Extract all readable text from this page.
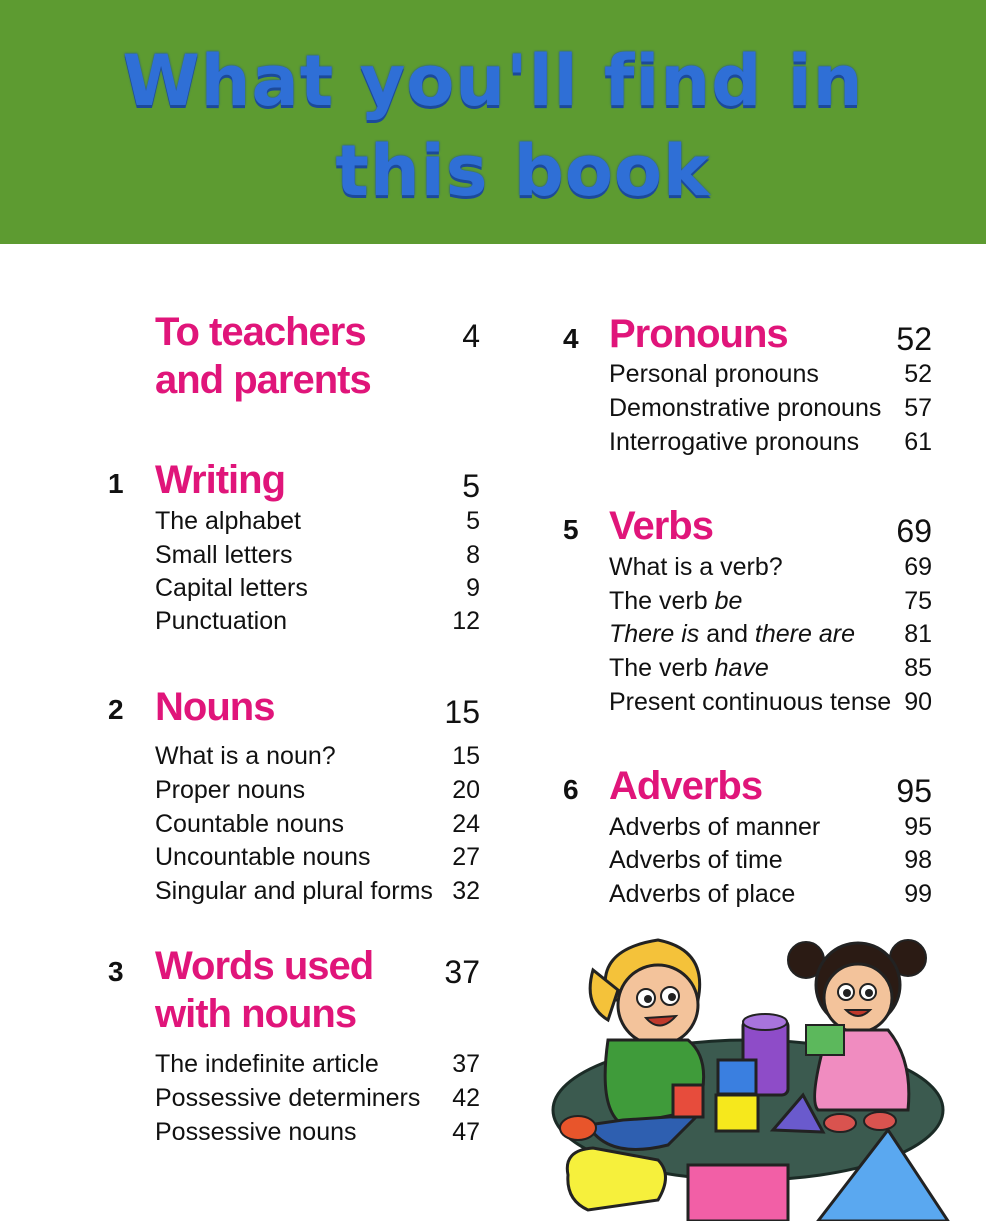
What you'll find in
this book
To teachers
and parents
4
1 Writing	5
The alphabet	5
Small letters	8
Capital letters	9
Punctuation	12
2 Nouns	15
What is a noun?	15
Proper nouns	20
Countable nouns	24
Uncountable nouns	27
Singular and plural forms 32
3 Words used
with nouns
37
The indefinite article	37
Possessive determiners	42
Possessive nouns	47
4 Pronouns	52
Personal pronouns	52
Demonstrative pronouns 57
Interrogative pronouns	61
5 Verbs	69
What is a verb?	69
The verb be	75
There is and there are	81
The verb have	85
Present continuous tense 90
6 Adverbs	95
Adverbs of manner	95
Adverbs of time	98
Adverbs of place	99
